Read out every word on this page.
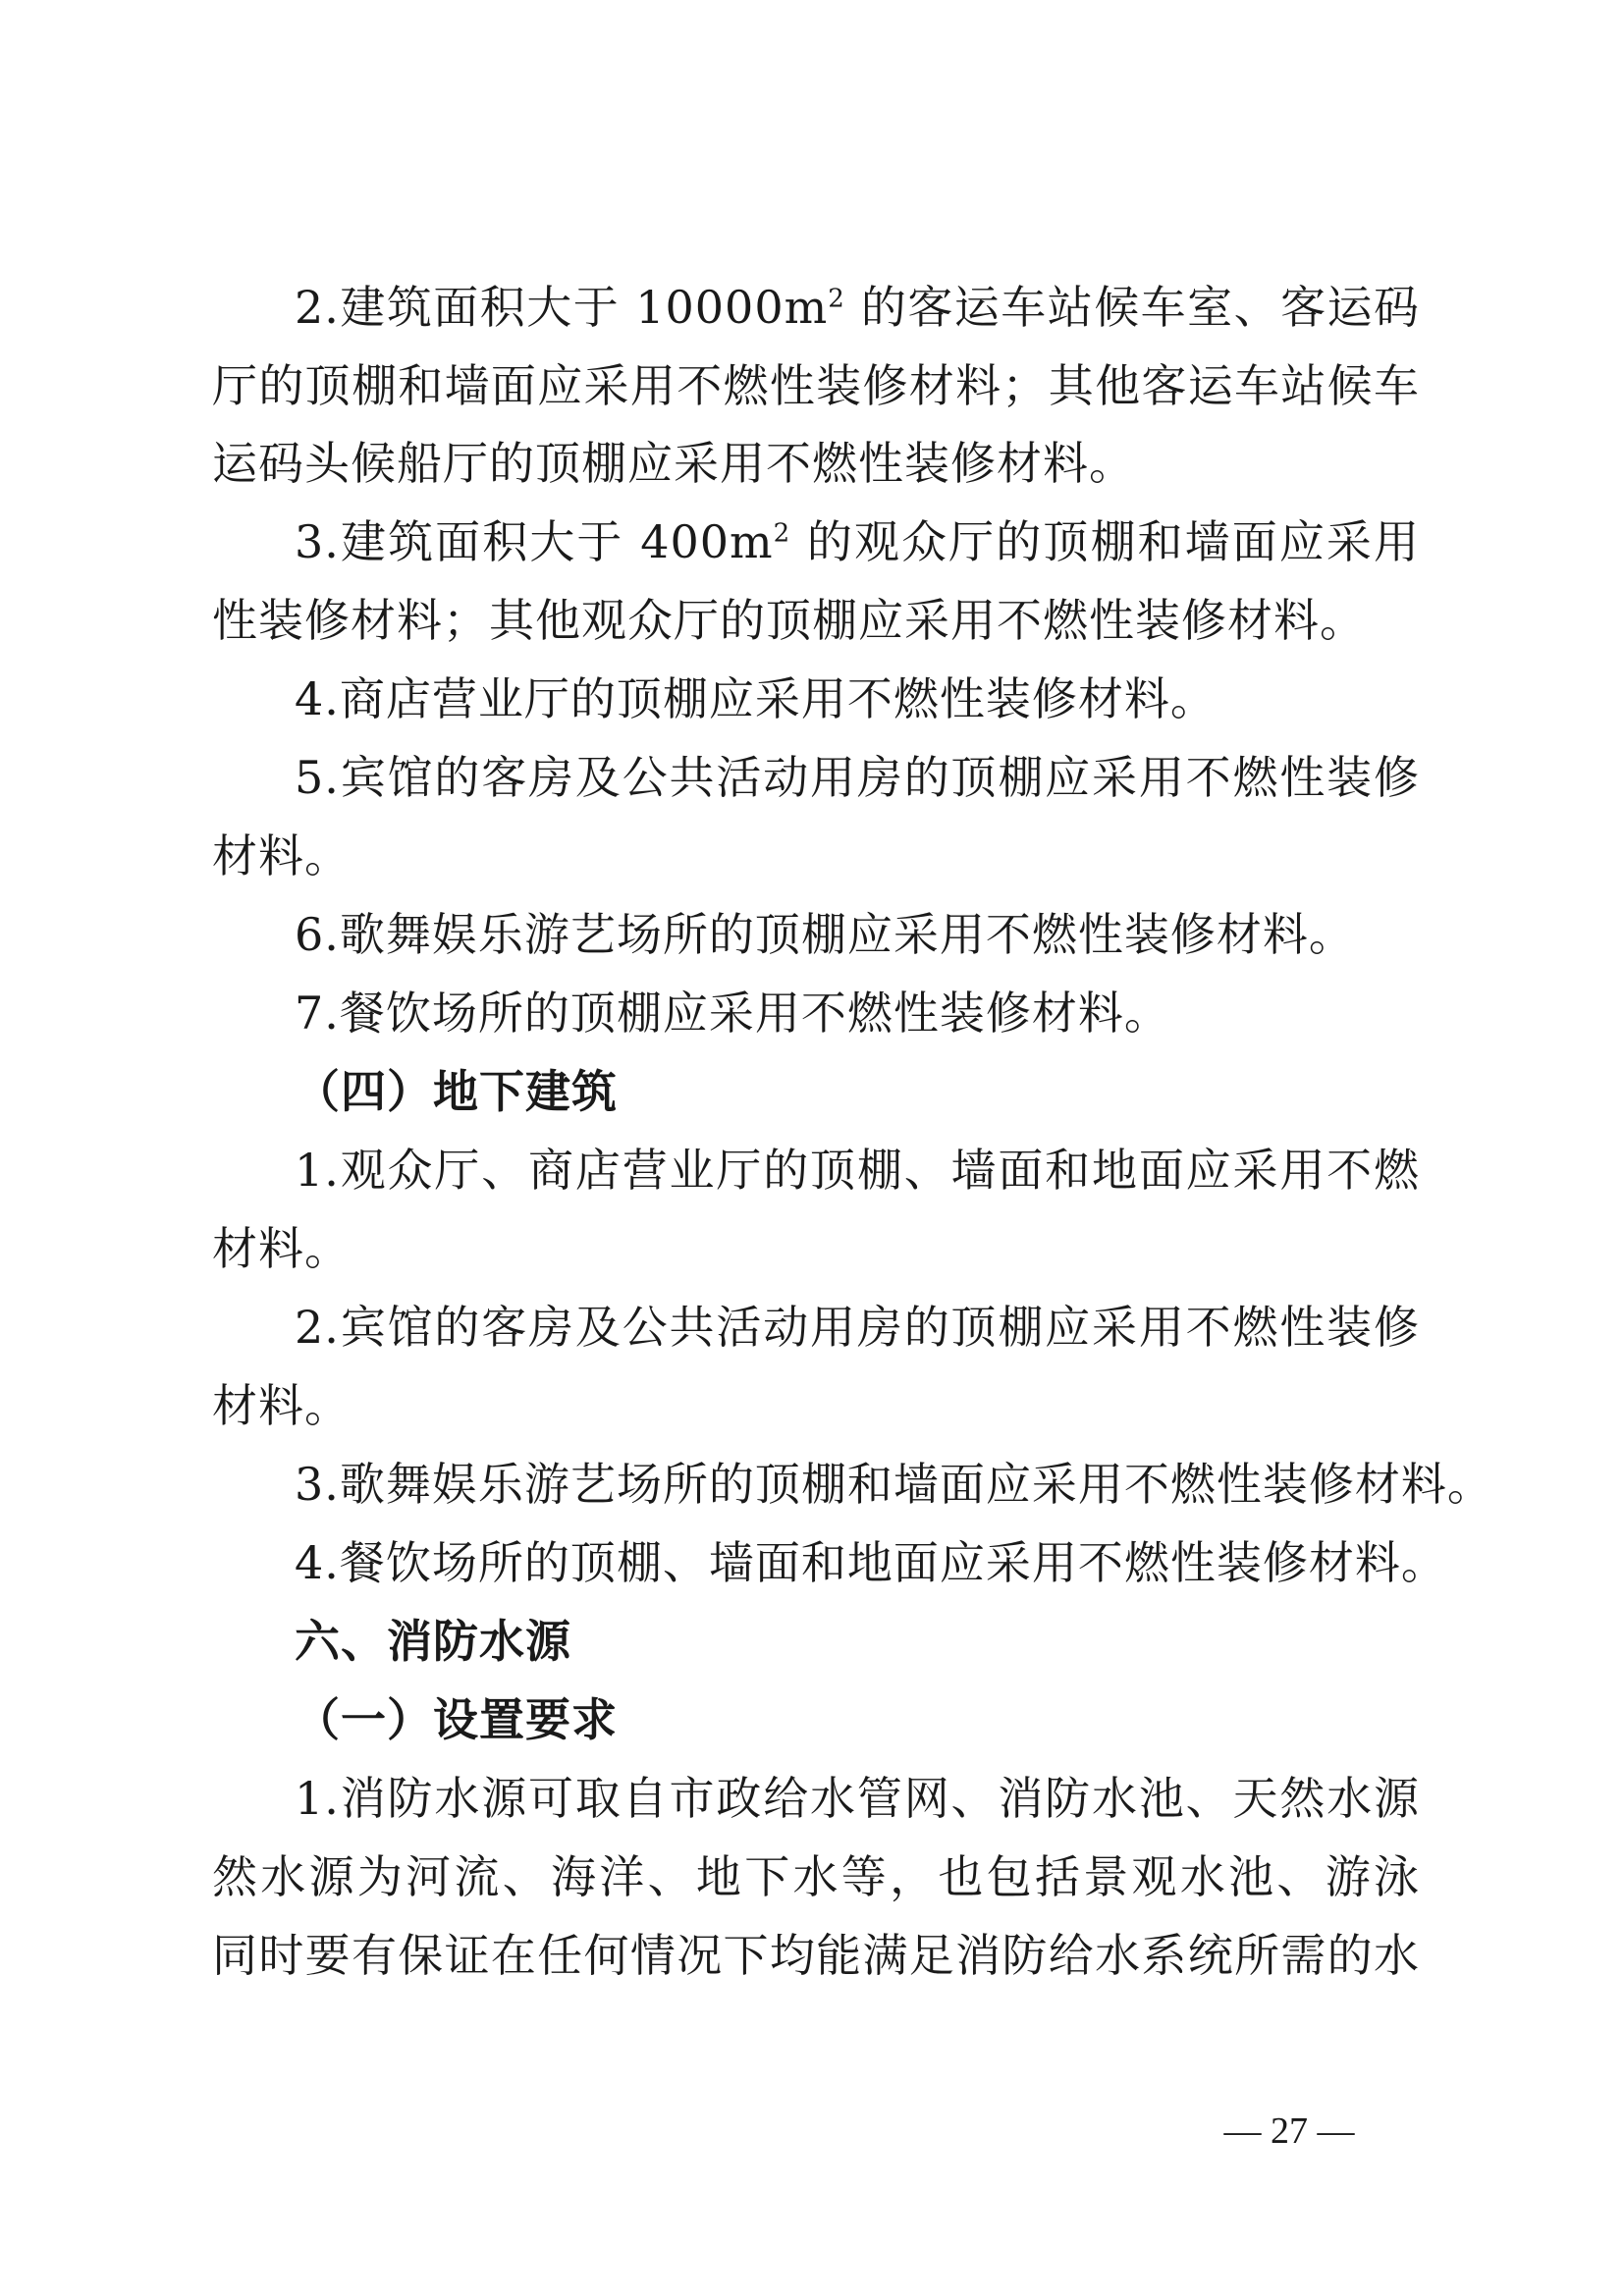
2.建筑面积大于 $10000m^2$ 的客运车站候车室、客运码
厅的顶棚和墙面应采用不燃性装修材料；其他客运车站候车
运码头候船厅的顶棚应采用不燃性装修材料。
3.建筑面积大于 $400m^2$ 的观众厅的顶棚和墙面应采用
性装修材料；其他观众厅的顶棚应采用不燃性装修材料。
4.商店营业厅的顶棚应采用不燃性装修材料。
5.宾馆的客房及公共活动用房的顶棚应采用不燃性装修
材料。
6.歌舞娱乐游艺场所的顶棚应采用不燃性装修材料。
7.餐饮场所的顶棚应采用不燃性装修材料。
（四）地下建筑
1.观众厅、商店营业厅的顶棚、墙面和地面应采用不燃
材料。
2.宾馆的客房及公共活动用房的顶棚应采用不燃性装修
材料。
3.歌舞娱乐游艺场所的顶棚和墙面应采用不燃性装修材料。
4.餐饮场所的顶棚、墙面和地面应采用不燃性装修材料。
六、消防水源
（一）设置要求
1.消防水源可取自市政给水管网、消防水池、天然水源
然水源为河流、海洋、地下水等，也包括景观水池、游泳
同时要有保证在任何情况下均能满足消防给水系统所需的水
— 27 —
